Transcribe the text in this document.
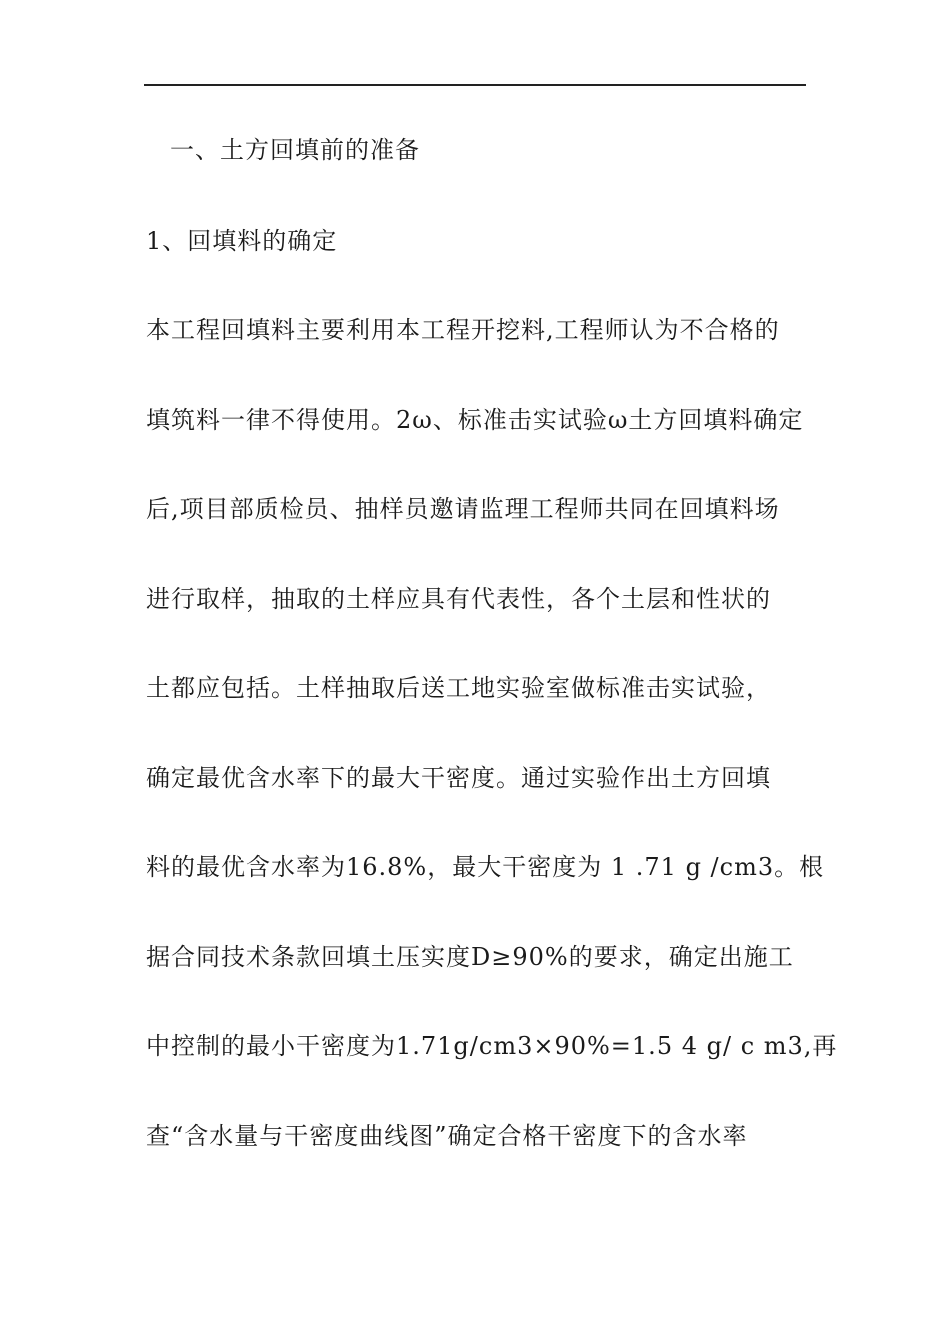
一、土方回填前的准备
1、回填料的确定
本工程回填料主要利用本工程开挖料,工程师认为不合格的
填筑料一律不得使用。2ω、标准击实试验ω土方回填料确定
后,项目部质检员、抽样员邀请监理工程师共同在回填料场
进行取样，抽取的土样应具有代表性，各个土层和性状的
土都应包括。土样抽取后送工地实验室做标准击实试验，
确定最优含水率下的最大干密度。通过实验作出土方回填
料的最优含水率为16.8%，最大干密度为 1 .71 g /cm3。根
据合同技术条款回填土压实度D≥90%的要求，确定出施工
中控制的最小干密度为1.71g/cm3×90%=1.5 4 g/ c m3,再
查“含水量与干密度曲线图”确定合格干密度下的含水率
